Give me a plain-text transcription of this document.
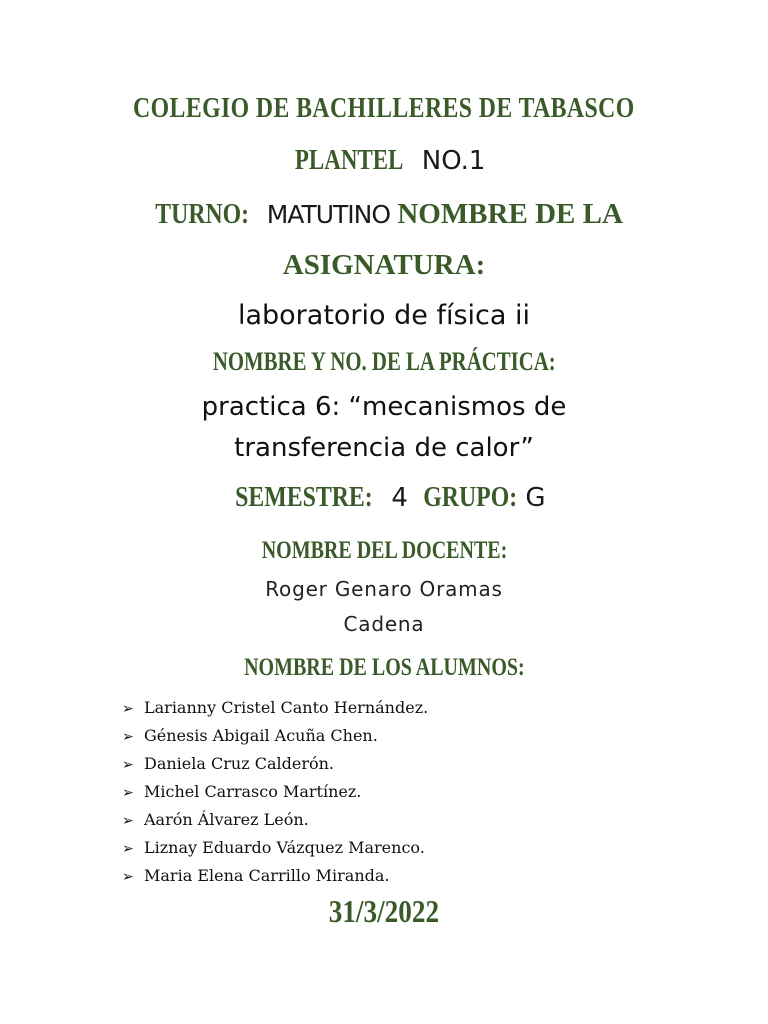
COLEGIO DE BACHILLERES DE TABASCO
PLANTEL NO.1
TURNO: MATUTINO NOMBRE DE LA
ASIGNATURA:
laboratorio de física ii
NOMBRE Y NO. DE LA PRÁCTICA:
practica 6: “mecanismos de
transferencia de calor”
SEMESTRE: 4 GRUPO: G
NOMBRE DEL DOCENTE:
Roger Genaro Oramas
Cadena
NOMBRE DE LOS ALUMNOS:
➢ Larianny Cristel Canto Hernández.
➢ Génesis Abigail Acuña Chen.
➢ Daniela Cruz Calderón.
➢ Michel Carrasco Martínez.
➢ Aarón Álvarez León.
➢ Liznay Eduardo Vázquez Marenco.
➢ Maria Elena Carrillo Miranda.
31/3/2022
